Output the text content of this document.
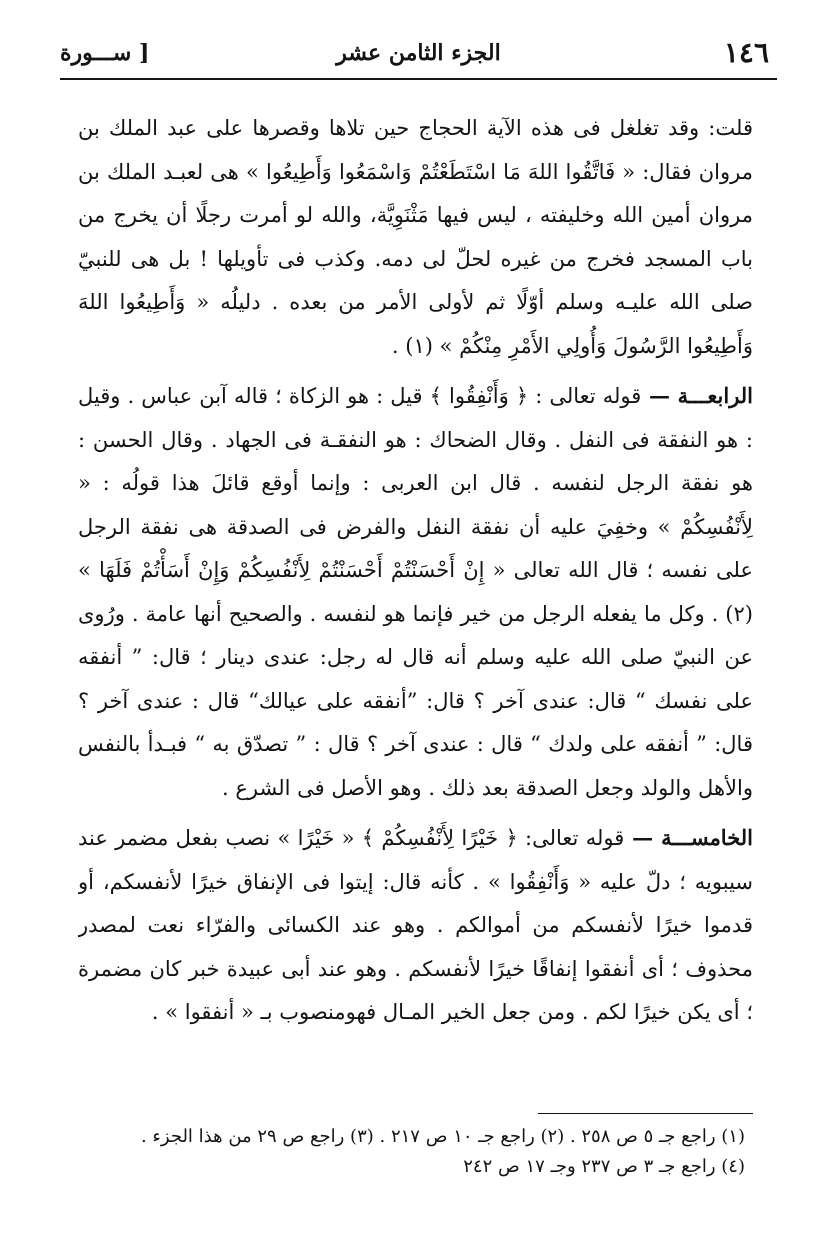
١٤٦
الجزء الثامن عشر
[ ســـورة

قلت: وقد تغلغل فى هذه الآية الحجاج حين تلاها وقصرها على عبد الملك بن مروان فقال: « فَاتَّقُوا اللهَ مَا اسْتَطَعْتُمْ وَاسْمَعُوا وَأَطِيعُوا » هى لعبـد الملك بن مروان أمين الله وخليفته ، ليس فيها مَثْنَوِيَّة، والله لو أمرت رجلًا أن يخرج من باب المسجد فخرج من غيره لحلّ لى دمه. وكذب فى تأويلها ! بل هى للنبيّ صلى الله عليـه وسلم أوّلًا ثم لأولى الأمر من بعده . دليلُه « وَأَطِيعُوا اللهَ وَأَطِيعُوا الرَّسُولَ وَأُولِي الأَمْرِ مِنْكُمْ » (١) .

الرابعـــة — قوله تعالى : ﴿ وَأَنْفِقُوا ﴾ قيل : هو الزكاة ؛ قاله آبن عباس . وقيل : هو النفقة فى النفل . وقال الضحاك : هو النفقـة فى الجهاد . وقال الحسن : هو نفقة الرجل لنفسه . قال ابن العربى : وإنما أوقع قائلَ هذا قولُه : « لِأَنْفُسِكُمْ » وخفِيَ عليه أن نفقة النفل والفرض فى الصدقة هى نفقة الرجل على نفسه ؛ قال الله تعالى « إِنْ أَحْسَنْتُمْ أَحْسَنْتُمْ لِأَنْفُسِكُمْ وَإِنْ أَسَأْتُمْ فَلَهَا » (٢) . وكل ما يفعله الرجل من خير فإنما هو لنفسه . والصحيح أنها عامة . ورُوى عن النبيّ صلى الله عليه وسلم أنه قال له رجل: عندى دينار ؛ قال: ” أنفقه على نفسك “ قال: عندى آخر ؟ قال: ”أنفقه على عيالك“ قال : عندى آخر ؟ قال: ” أنفقه على ولدك “ قال : عندى آخر ؟ قال : ” تصدّق به “ فبـدأ بالنفس والأهل والولد وجعل الصدقة بعد ذلك . وهو الأصل فى الشرع .

الخامســـة — قوله تعالى: ﴿ خَيْرًا لِأَنْفُسِكُمْ ﴾ « خَيْرًا » نصب بفعل مضمر عند سيبويه ؛ دلّ عليه « وَأَنْفِقُوا » . كأنه قال: إيتوا فى الإنفاق خيرًا لأنفسكم، أو قدموا خيرًا لأنفسكم من أموالكم . وهو عند الكسائى والفرّاء نعت لمصدر محذوف ؛ أى أنفقوا إنفاقًا خيرًا لأنفسكم . وهو عند أبى عبيدة خبر كان مضمرة ؛ أى يكن خيرًا لكم . ومن جعل الخير المـال فهومنصوب بـ « أنفقوا » .

(١) راجع جـ ٥ ص ٢٥٨ . (٢) راجع جـ ١٠ ص ٢١٧ . (٣) راجع ص ٢٩ من هذا الجزء .
(٤) راجع جـ ٣ ص ٢٣٧ وجـ ١٧ ص ٢٤٢
